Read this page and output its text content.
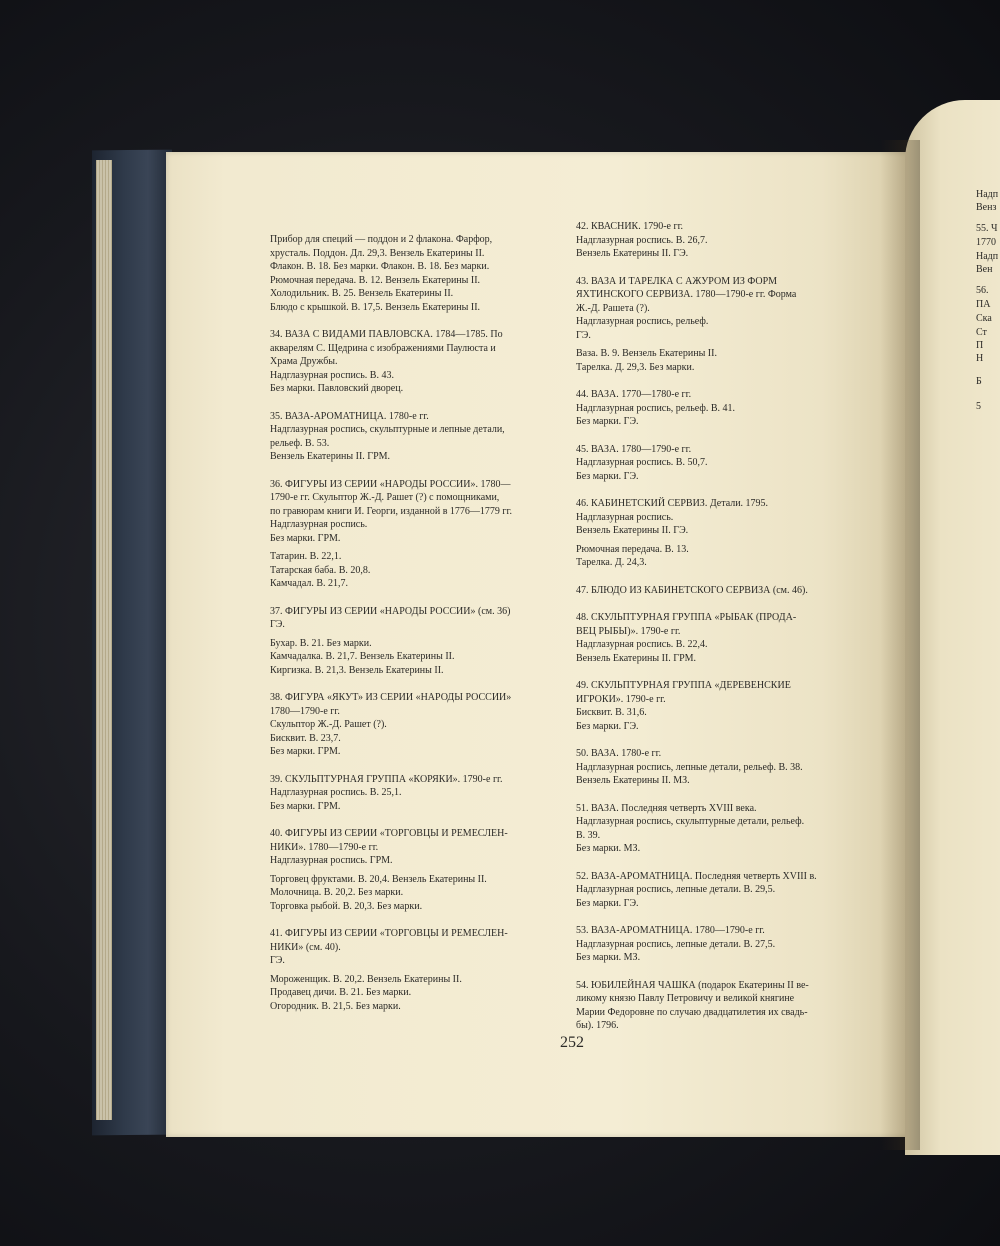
Прибор для специй — поддон и 2 флакона. Фарфор,

хрусталь. Поддон. Дл. 29,3. Вензель Екатерины II.

Флакон. В. 18. Без марки. Флакон. В. 18. Без марки.

Рюмочная передача. В. 12. Вензель Екатерины II.

Холодильник. В. 25. Вензель Екатерины II.

Блюдо с крышкой. В. 17,5. Вензель Екатерины II.

34. ВАЗА С ВИДАМИ ПАВЛОВСКА. 1784—1785. По

акварелям С. Щедрина с изображениями Паулюста и

Храма Дружбы.

Надглазурная роспись. В. 43.

Без марки. Павловский дворец.

35. ВАЗА-АРОМАТНИЦА. 1780-е гг.

Надглазурная роспись, скульптурные и лепные детали,

рельеф. В. 53.

Вензель Екатерины II. ГРМ.

36. ФИГУРЫ ИЗ СЕРИИ «НАРОДЫ РОССИИ». 1780—

1790-е гг. Скульптор Ж.-Д. Рашет (?) с помощниками,

по гравюрам книги И. Георги, изданной в 1776—1779 гг.

Надглазурная роспись.

Без марки. ГРМ.

Татарин. В. 22,1.

Татарская баба. В. 20,8.

Камчадал. В. 21,7.

37. ФИГУРЫ ИЗ СЕРИИ «НАРОДЫ РОССИИ» (см. 36)

ГЭ.

Бухар. В. 21. Без марки.

Камчадалка. В. 21,7. Вензель Екатерины II.

Киргизка. В. 21,3. Вензель Екатерины II.

38. ФИГУРА «ЯКУТ» ИЗ СЕРИИ «НАРОДЫ РОССИИ»

1780—1790-е гг.

Скульптор Ж.-Д. Рашет (?).

Бисквит. В. 23,7.

Без марки. ГРМ.

39. СКУЛЬПТУРНАЯ ГРУППА «КОРЯКИ». 1790-е гг.

Надглазурная роспись. В. 25,1.

Без марки. ГРМ.

40. ФИГУРЫ ИЗ СЕРИИ «ТОРГОВЦЫ И РЕМЕСЛЕН-

НИКИ». 1780—1790-е гг.

Надглазурная роспись. ГРМ.

Торговец фруктами. В. 20,4. Вензель Екатерины II.

Молочница. В. 20,2. Без марки.

Торговка рыбой. В. 20,3. Без марки.

41. ФИГУРЫ ИЗ СЕРИИ «ТОРГОВЦЫ И РЕМЕСЛЕН-

НИКИ» (см. 40).

ГЭ.

Мороженщик. В. 20,2. Вензель Екатерины II.

Продавец дичи. В. 21. Без марки.

Огородник. В. 21,5. Без марки.

42. КВАСНИК. 1790-е гг.

Надглазурная роспись. В. 26,7.

Вензель Екатерины II. ГЭ.

43. ВАЗА И ТАРЕЛКА С АЖУРОМ ИЗ ФОРМ

ЯХТИНСКОГО СЕРВИЗА. 1780—1790-е гг. Форма

Ж.-Д. Рашета (?).

Надглазурная роспись, рельеф.

ГЭ.

Ваза. В. 9. Вензель Екатерины II.

Тарелка. Д. 29,3. Без марки.

44. ВАЗА. 1770—1780-е гг.

Надглазурная роспись, рельеф. В. 41.

Без марки. ГЭ.

45. ВАЗА. 1780—1790-е гг.

Надглазурная роспись. В. 50,7.

Без марки. ГЭ.

46. КАБИНЕТСКИЙ СЕРВИЗ. Детали. 1795.

Надглазурная роспись.

Вензель Екатерины II. ГЭ.

Рюмочная передача. В. 13.

Тарелка. Д. 24,3.

47. БЛЮДО ИЗ КАБИНЕТСКОГО СЕРВИЗА (см. 46).

48. СКУЛЬПТУРНАЯ ГРУППА «РЫБАК (ПРОДА-

ВЕЦ РЫБЫ)». 1790-е гг.

Надглазурная роспись. В. 22,4.

Вензель Екатерины II. ГРМ.

49. СКУЛЬПТУРНАЯ ГРУППА «ДЕРЕВЕНСКИЕ

ИГРОКИ». 1790-е гг.

Бисквит. В. 31,6.

Без марки. ГЭ.

50. ВАЗА. 1780-е гг.

Надглазурная роспись, лепные детали, рельеф. В. 38.

Вензель Екатерины II. МЗ.

51. ВАЗА. Последняя четверть XVIII века.

Надглазурная роспись, скульптурные детали, рельеф.

В. 39.

Без марки. МЗ.

52. ВАЗА-АРОМАТНИЦА. Последняя четверть XVIII в.

Надглазурная роспись, лепные детали. В. 29,5.

Без марки. ГЭ.

53. ВАЗА-АРОМАТНИЦА. 1780—1790-е гг.

Надглазурная роспись, лепные детали. В. 27,5.

Без марки. МЗ.

54. ЮБИЛЕЙНАЯ ЧАШКА (подарок Екатерины II ве-

ликому князю Павлу Петровичу и великой княгине

Марии Федоровне по случаю двадцатилетия их свадь-

бы). 1796.

252
Надп
Венз
55. Ч
1770
Надп
Вен
56.
ПА
Ска
Ст
П
Н
Б
5
